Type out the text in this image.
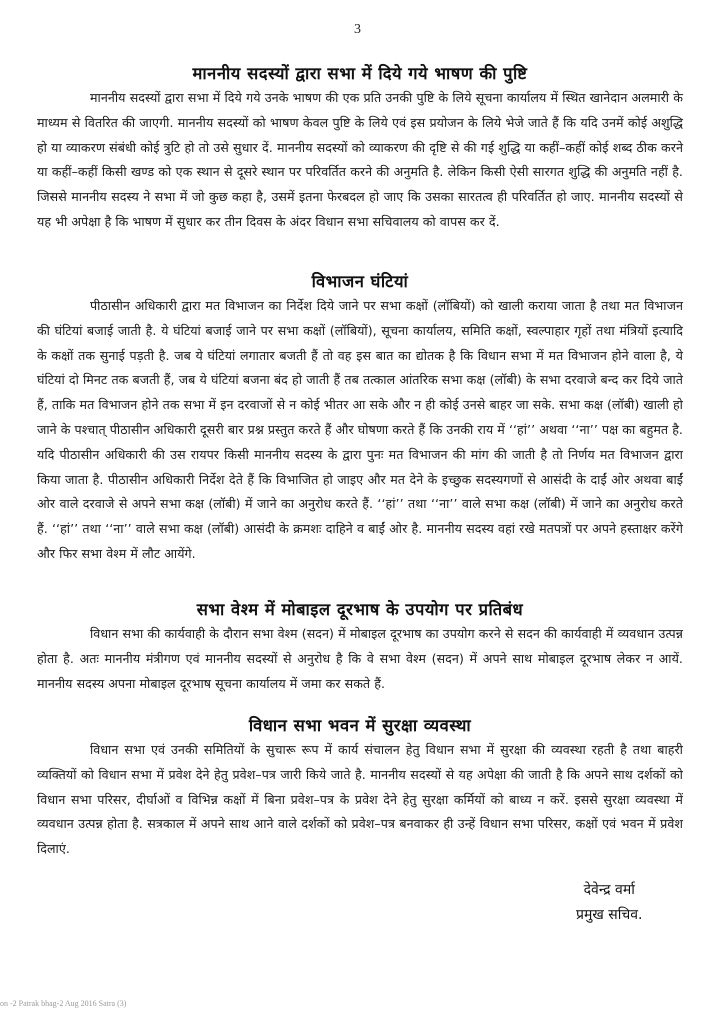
3
माननीय सदस्यों द्वारा सभा में दिये गये भाषण की पुष्टि

माननीय सदस्यों द्वारा सभा में दिये गये उनके भाषण की एक प्रति उनकी पुष्टि के लिये सूचना कार्यालय में स्थित खानेदान अलमारी के माध्यम से वितरित की जाएगी. माननीय सदस्यों को भाषण केवल पुष्टि के लिये एवं इस प्रयोजन के लिये भेजे जाते हैं कि यदि उनमें कोई अशुद्धि हो या व्याकरण संबंधी कोई त्रुटि हो तो उसे सुधार दें. माननीय सदस्यों को व्याकरण की दृष्टि से की गई शुद्धि या कहीं–कहीं कोई शब्द ठीक करने या कहीं–कहीं किसी खण्ड को एक स्थान से दूसरे स्थान पर परिवर्तित करने की अनुमति है. लेकिन किसी ऐसी सारगत शुद्धि की अनुमति नहीं है. जिससे माननीय सदस्य ने सभा में जो कुछ कहा है, उसमें इतना फेरबदल हो जाए कि उसका सारतत्व ही परिवर्तित हो जाए. माननीय सदस्यों से यह भी अपेक्षा है कि भाषण में सुधार कर तीन दिवस के अंदर विधान सभा सचिवालय को वापस कर दें.

विभाजन घंटियां

पीठासीन अधिकारी द्वारा मत विभाजन का निर्देश दिये जाने पर सभा कक्षों (लॉबियों) को खाली कराया जाता है तथा मत विभाजन की घंटियां बजाई जाती है. ये घंटियां बजाई जाने पर सभा कक्षों (लॉबियों), सूचना कार्यालय, समिति कक्षों, स्वल्पाहार गृहों तथा मंत्रियों इत्यादि के कक्षों तक सुनाई पड़ती है. जब ये घंटियां लगातार बजती हैं तो वह इस बात का द्योतक है कि विधान सभा में मत विभाजन होने वाला है, ये घंटियां दो मिनट तक बजती हैं, जब ये घंटियां बजना बंद हो जाती हैं तब तत्काल आंतरिक सभा कक्ष (लॉबी) के सभा दरवाजे बन्द कर दिये जाते हैं, ताकि मत विभाजन होने तक सभा में इन दरवाजों से न कोई भीतर आ सके और न ही कोई उनसे बाहर जा सके. सभा कक्ष (लॉबी) खाली हो जाने के पश्चात् पीठासीन अधिकारी दूसरी बार प्रश्न प्रस्तुत करते हैं और घोषणा करते हैं कि उनकी राय में ‘‘हां’’ अथवा ‘‘ना’’ पक्ष का बहुमत है. यदि पीठासीन अधिकारी की उस रायपर किसी माननीय सदस्य के द्वारा पुनः मत विभाजन की मांग की जाती है तो निर्णय मत विभाजन द्वारा किया जाता है. पीठासीन अधिकारी निर्देश देते हैं कि विभाजित हो जाइए और मत देने के इच्छुक सदस्यगणों से आसंदी के दाईं ओर अथवा बाईं ओर वाले दरवाजे से अपने सभा कक्ष (लॉबी) में जाने का अनुरोध करते हैं. ‘‘हां’’ तथा ‘‘ना’’ वाले सभा कक्ष (लॉबी) में जाने का अनुरोध करते हैं. ‘‘हां’’ तथा ‘‘ना’’ वाले सभा कक्ष (लॉबी) आसंदी के क्रमशः दाहिने व बाईं ओर है. माननीय सदस्य वहां रखे मतपत्रों पर अपने हस्ताक्षर करेंगे और फिर सभा वेश्म में लौट आयेंगे.

सभा वेश्म में मोबाइल दूरभाष के उपयोग पर प्रतिबंध

विधान सभा की कार्यवाही के दौरान सभा वेश्म (सदन) में मोबाइल दूरभाष का उपयोग करने से सदन की कार्यवाही में व्यवधान उत्पन्न होता है. अतः माननीय मंत्रीगण एवं माननीय सदस्यों से अनुरोध है कि वे सभा वेश्म (सदन) में अपने साथ मोबाइल दूरभाष लेकर न आयें. माननीय सदस्य अपना मोबाइल दूरभाष सूचना कार्यालय में जमा कर सकते हैं.

विधान सभा भवन में सुरक्षा व्यवस्था

विधान सभा एवं उनकी समितियों के सुचारू रूप में कार्य संचालन हेतु विधान सभा में सुरक्षा की व्यवस्था रहती है तथा बाहरी व्यक्तियों को विधान सभा में प्रवेश देने हेतु प्रवेश–पत्र जारी किये जाते है. माननीय सदस्यों से यह अपेक्षा की जाती है कि अपने साथ दर्शकों को विधान सभा परिसर, दीर्घाओं व विभिन्न कक्षों में बिना प्रवेश–पत्र के प्रवेश देने हेतु सुरक्षा कर्मियों को बाध्य न करें. इससे सुरक्षा व्यवस्था में व्यवधान उत्पन्न होता है. सत्रकाल में अपने साथ आने वाले दर्शकों को प्रवेश–पत्र बनवाकर ही उन्हें विधान सभा परिसर, कक्षों एवं भवन में प्रवेश दिलाएं.

देवेन्द्र वर्मा
प्रमुख सचिव.
on -2 Patrak bhag-2 Aug 2016 Satra (3)
